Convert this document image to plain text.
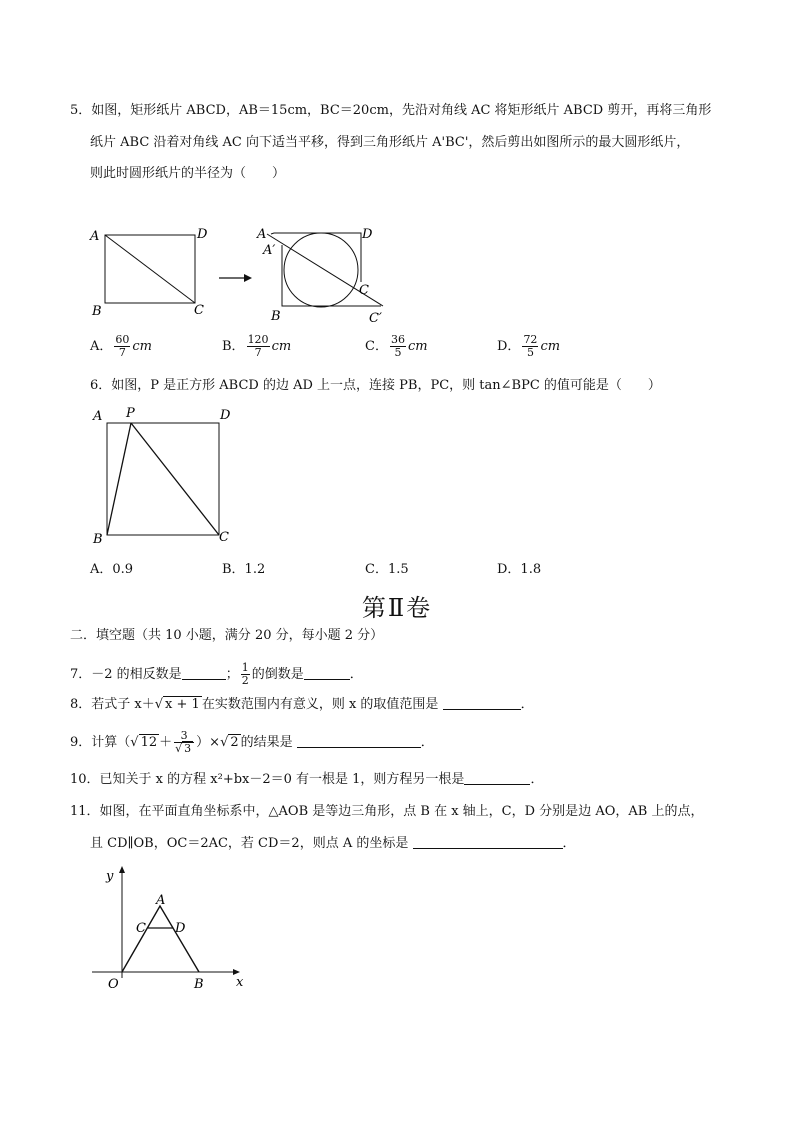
5．如图，矩形纸片 ABCD，AB＝15cm，BC＝20cm，先沿对角线 AC 将矩形纸片 ABCD 剪开，再将三角形
纸片 ABC 沿着对角线 AC 向下适当平移，得到三角形纸片 A'BC'，然后剪出如图所示的最大圆形纸片，
则此时圆形纸片的半径为（　　）
A	D
B	C
A
A′
D
C
B	C′
A． $\frac{60}{7}$ cm	B． $\frac{120}{7}$ cm	C． $\frac{36}{5}$ cm	D． $\frac{72}{5}$ cm
6．如图，P 是正方形 ABCD 的边 AD 上一点，连接 PB，PC，则 tan∠BPC 的值可能是（　　）
A P	D
B	C
A．0.9	B．1.2	C．1.5	D．1.8
第Ⅱ卷
二．填空题（共 10 小题，满分 20 分，每小题 2 分）
7．－2 的相反数是	； $\frac{1}{2}$ 的倒数是	．
8．若式子 x＋√ x + 1 在实数范围内有意义，则 x 的取值范围是	．
9．计算（√ $12 + \frac{3}{√ 3}$ ）×√ 2 的结果是	．
10．已知关于 x 的方程 x²+bx－2＝0 有一根是 1，则方程另一根是	．
11．如图，在平面直角坐标系中，△AOB 是等边三角形，点 B 在 x 轴上，C，D 分别是边 AO，AB 上的点，
且 CD∥OB，OC＝2AC，若 CD＝2，则点 A 的坐标是	．
y
A
C D
O	B x
